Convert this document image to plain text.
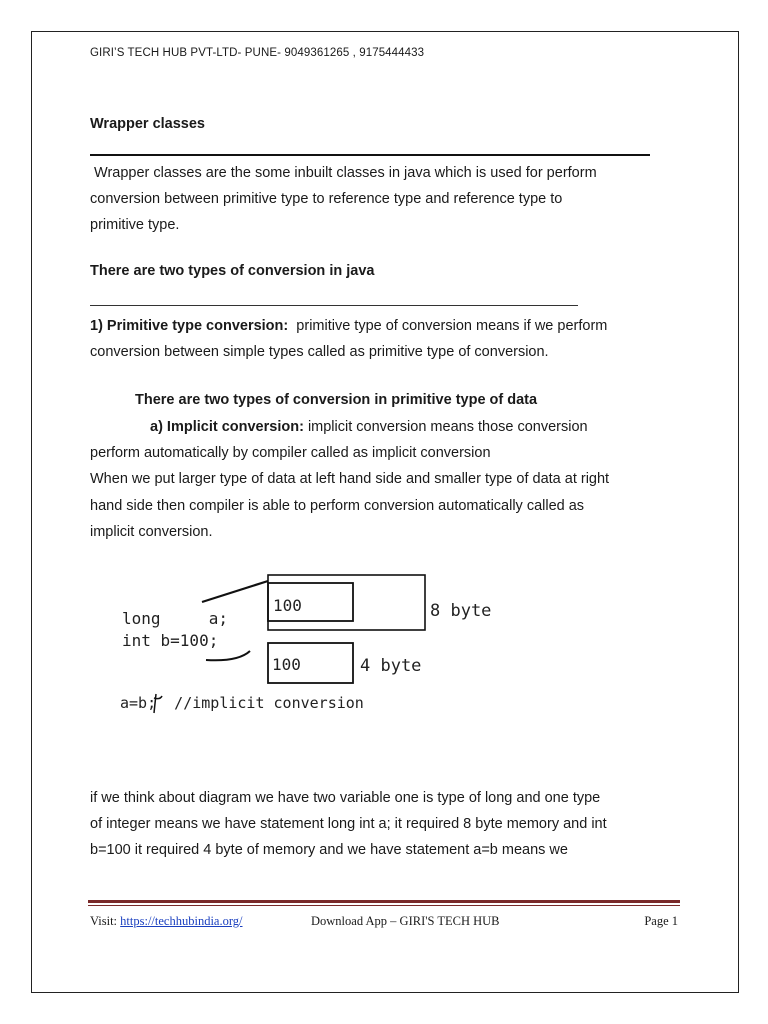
GIRI’S TECH HUB PVT-LTD- PUNE- 9049361265 , 9175444433
Wrapper classes
Wrapper classes are the some inbuilt classes in java which is used for perform
conversion between primitive type to reference type and reference type to
primitive type.
There are two types of conversion in java
1) Primitive type conversion: primitive type of conversion means if we perform
conversion between simple types called as primitive type of conversion.
There are two types of conversion in primitive type of data
a) Implicit conversion: implicit conversion means those conversion
perform automatically by compiler called as implicit conversion
When we put larger type of data at left hand side and smaller type of data at right
hand side then compiler is able to perform conversion automatically called as
implicit conversion.
long     a;
int b=100;
a=b;  //implicit conversion
100	8 byte
100	4 byte
if we think about diagram we have two variable one is type of long and one type
of integer means we have statement long int a; it required 8 byte memory and int
b=100 it required 4 byte of memory and we have statement a=b means we
Visit: https://techhubindia.org/	Download App – GIRI'S TECH HUB	Page 1
